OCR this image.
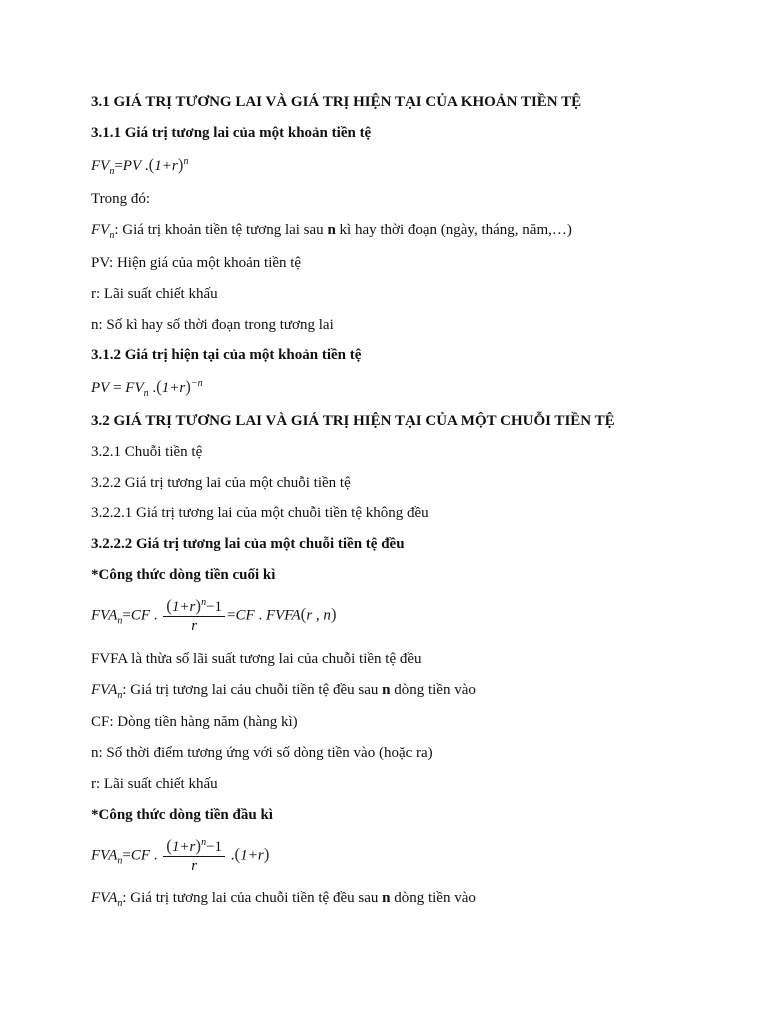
3.1 GIÁ TRỊ TƯƠNG LAI VÀ GIÁ TRỊ HIỆN TẠI CỦA KHOẢN TIỀN TỆ
3.1.1 Giá trị tương lai của một khoản tiền tệ
$FV_n=PV$ $.(1+r)^n$
Trong đó:
$FV_n$: Giá trị khoản tiền tệ tương lai sau n kì hay thời đoạn (ngày, tháng, năm,…)
PV: Hiện giá của một khoản tiền tệ
r: Lãi suất chiết khấu
n: Số kì hay số thời đoạn trong tương lai
3.1.2 Giá trị hiện tại của một khoản tiền tệ
PV = $FV_n$ $.(1+r)^{-n}$
3.2 GIÁ TRỊ TƯƠNG LAI VÀ GIÁ TRỊ HIỆN TẠI CỦA MỘT CHUỖI TIỀN TỆ
3.2.1 Chuỗi tiền tệ
3.2.2 Giá trị tương lai của một chuỗi tiền tệ
3.2.2.1 Giá trị tương lai của một chuỗi tiền tệ không đều
3.2.2.2 Giá trị tương lai của một chuỗi tiền tệ đều
*Công thức dòng tiền cuối kì
$FVA_n=CF$ . $\frac{(1+r)^n-1}{r} =CF$ . FVFA(r , n)
FVFA là thừa số lãi suất tương lai của chuỗi tiền tệ đều
$FVA_n$: Giá trị tương lai cảu chuỗi tiền tệ đều sau n dòng tiền vào
CF: Dòng tiền hàng năm (hàng kì)
n: Số thời điểm tương ứng với số dòng tiền vào (hoặc ra)
r: Lãi suất chiết khấu
*Công thức dòng tiền đầu kì
$FVA_n=CF$ . $\frac{(1+r)^n-1}{r} .(1+r)$
$FVA_n$: Giá trị tương lai của chuỗi tiền tệ đều sau n dòng tiền vào
